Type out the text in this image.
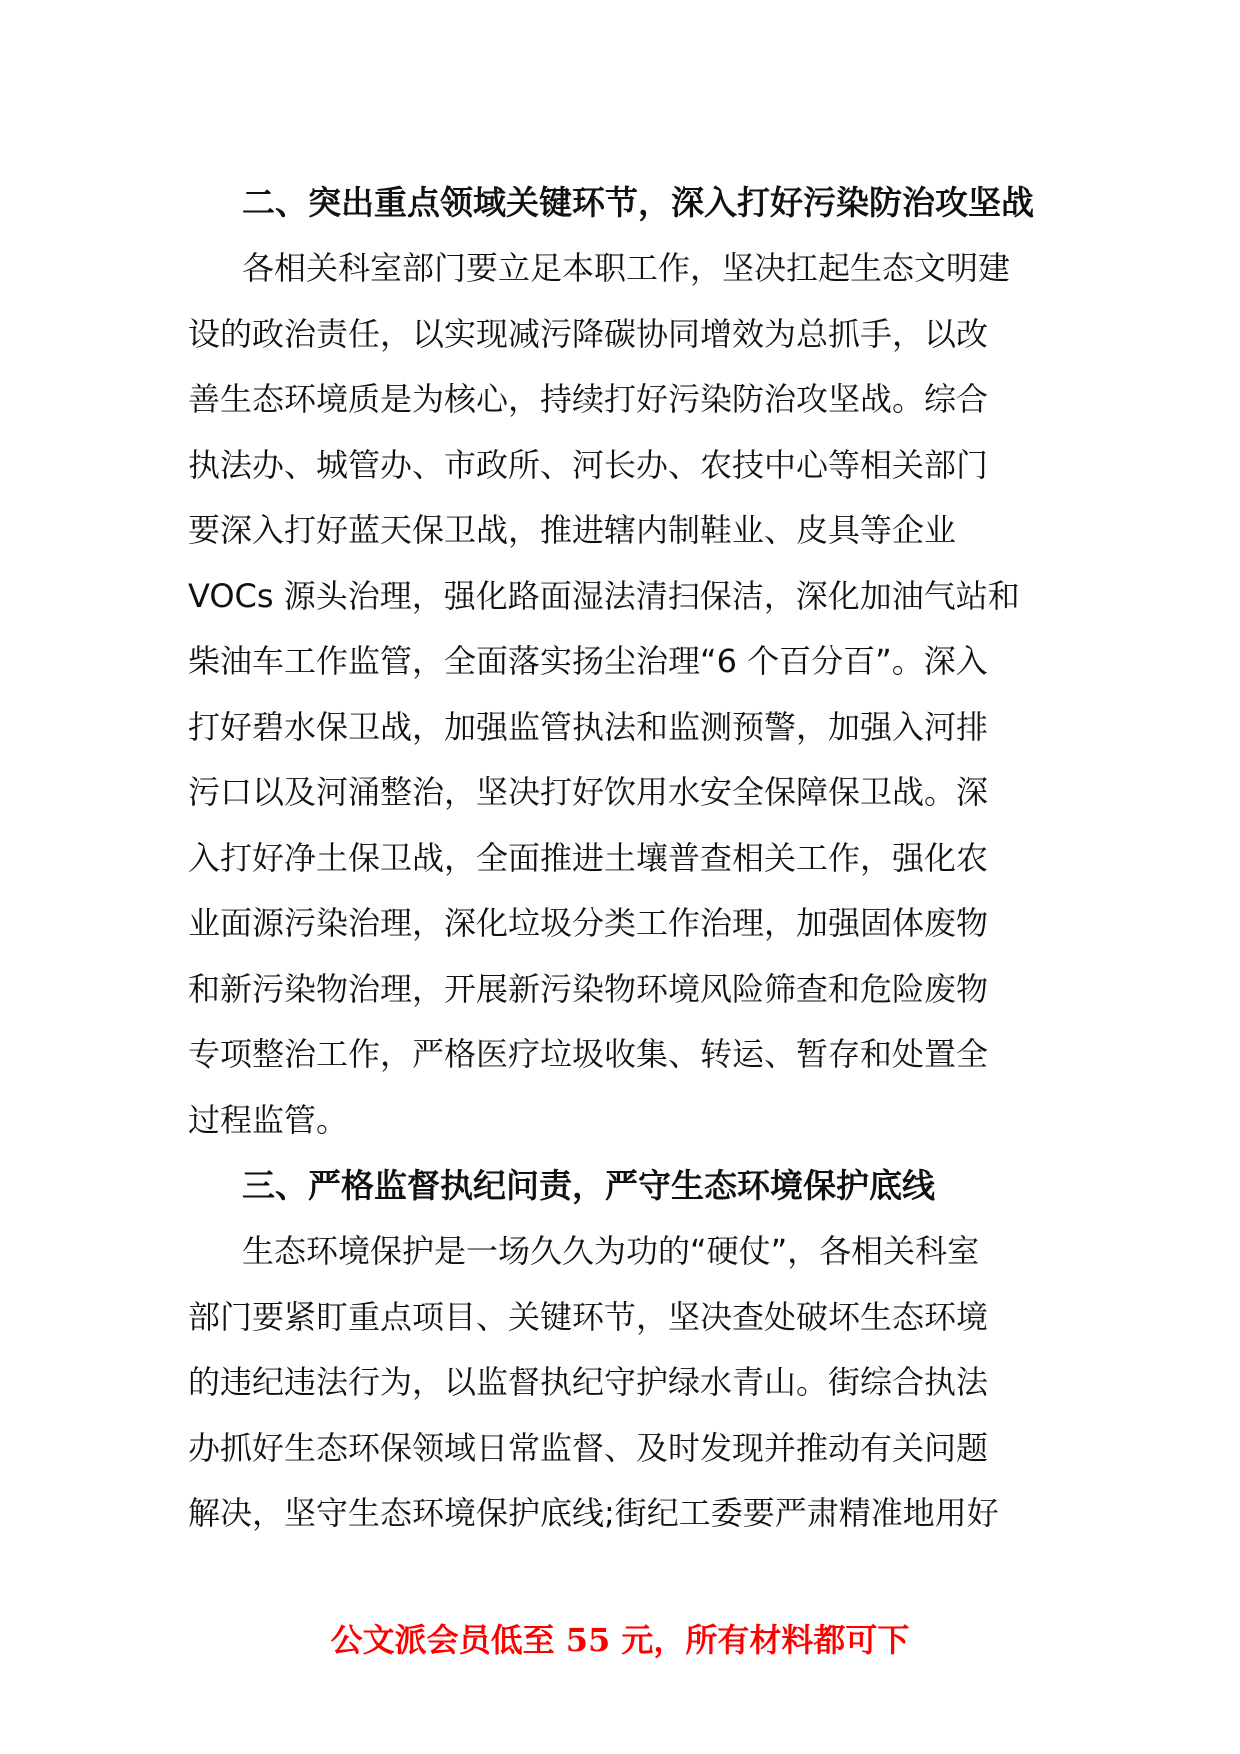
二、突出重点领域关键环节，深入打好污染防治攻坚战
各相关科室部门要立足本职工作，坚决扛起生态文明建
设的政治责任，以实现减污降碳协同增效为总抓手，以改
善生态环境质是为核心，持续打好污染防治攻坚战。综合
执法办、城管办、市政所、河长办、农技中心等相关部门
要深入打好蓝天保卫战，推进辖内制鞋业、皮具等企业
VOCs 源头治理，强化路面湿法清扫保洁，深化加油气站和
柴油车工作监管，全面落实扬尘治理“6 个百分百”。深入
打好碧水保卫战，加强监管执法和监测预警，加强入河排
污口以及河涌整治，坚决打好饮用水安全保障保卫战。深
入打好净土保卫战，全面推进土壤普查相关工作，强化农
业面源污染治理，深化垃圾分类工作治理，加强固体废物
和新污染物治理，开展新污染物环境风险筛查和危险废物
专项整治工作，严格医疗垃圾收集、转运、暂存和处置全
过程监管。
三、严格监督执纪问责，严守生态环境保护底线
生态环境保护是一场久久为功的“硬仗”，各相关科室
部门要紧盯重点项目、关键环节，坚决查处破坏生态环境
的违纪违法行为，以监督执纪守护绿水青山。街综合执法
办抓好生态环保领域日常监督、及时发现并推动有关问题
解决，坚守生态环境保护底线;街纪工委要严肃精准地用好
公文派会员低至 55 元，所有材料都可下
